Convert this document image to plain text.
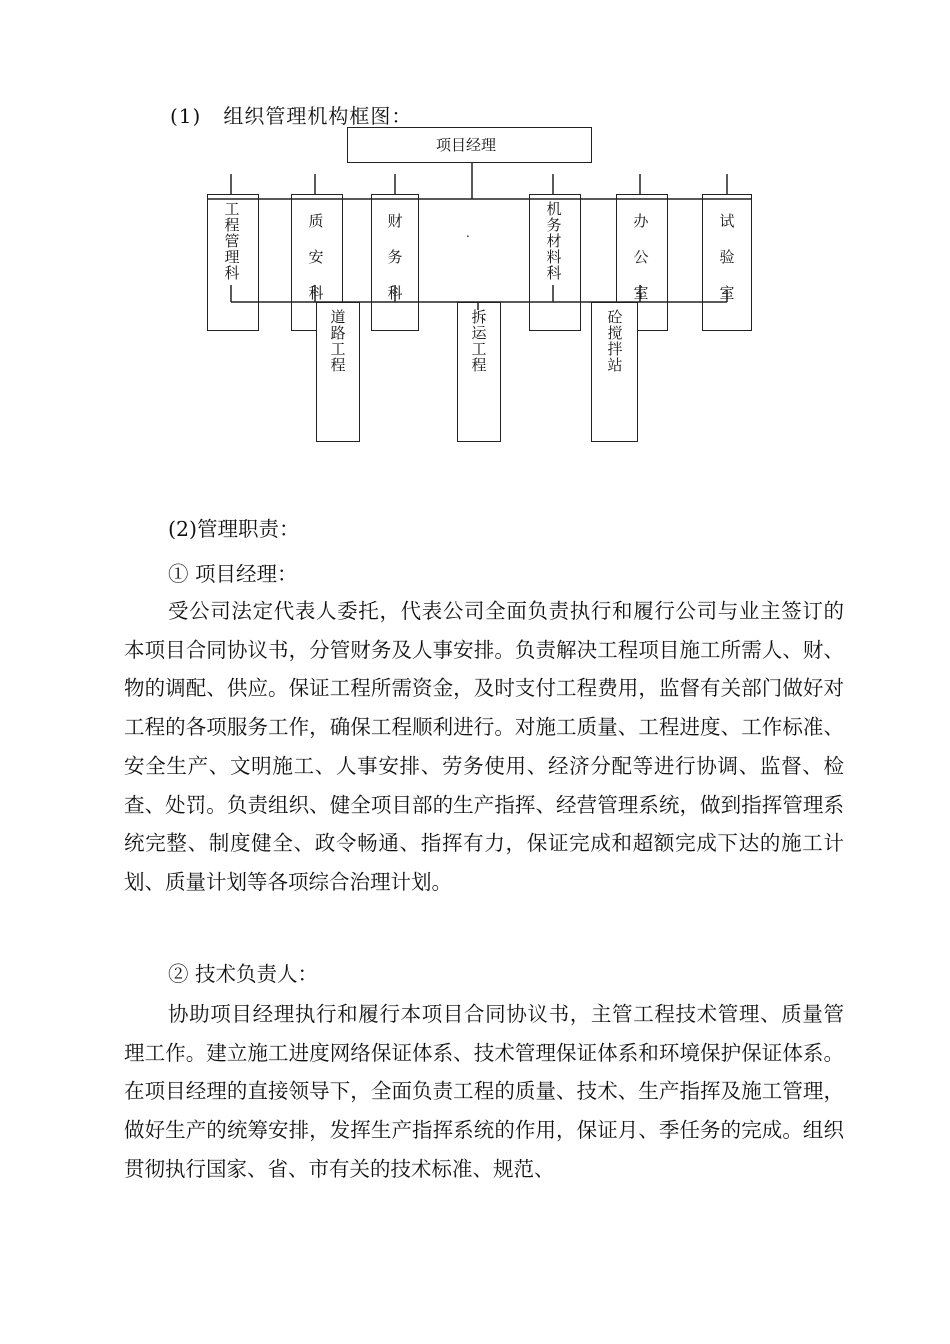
(1) 组织管理机构框图：
项目经理
工程管理科
质安科
财务科
机务材料科
办公室
试验室
.
道路工程
拆运工程
砼搅拌站
(2)管理职责：
① 项目经理：

受公司法定代表人委托，代表公司全面负责执行和履行公司与业主签订的本项目合同协议书，分管财务及人事安排。负责解决工程项目施工所需人、财、物的调配、供应。保证工程所需资金，及时支付工程费用，监督有关部门做好对工程的各项服务工作，确保工程顺利进行。对施工质量、工程进度、工作标准、安全生产、文明施工、人事安排、劳务使用、经济分配等进行协调、监督、检查、处罚。负责组织、健全项目部的生产指挥、经营管理系统，做到指挥管理系统完整、制度健全、政令畅通、指挥有力，保证完成和超额完成下达的施工计划、质量计划等各项综合治理计划。

② 技术负责人：

协助项目经理执行和履行本项目合同协议书，主管工程技术管理、质量管理工作。建立施工进度网络保证体系、技术管理保证体系和环境保护保证体系。在项目经理的直接领导下，全面负责工程的质量、技术、生产指挥及施工管理，做好生产的统筹安排，发挥生产指挥系统的作用，保证月、季任务的完成。组织贯彻执行国家、省、市有关的技术标准、规范、
